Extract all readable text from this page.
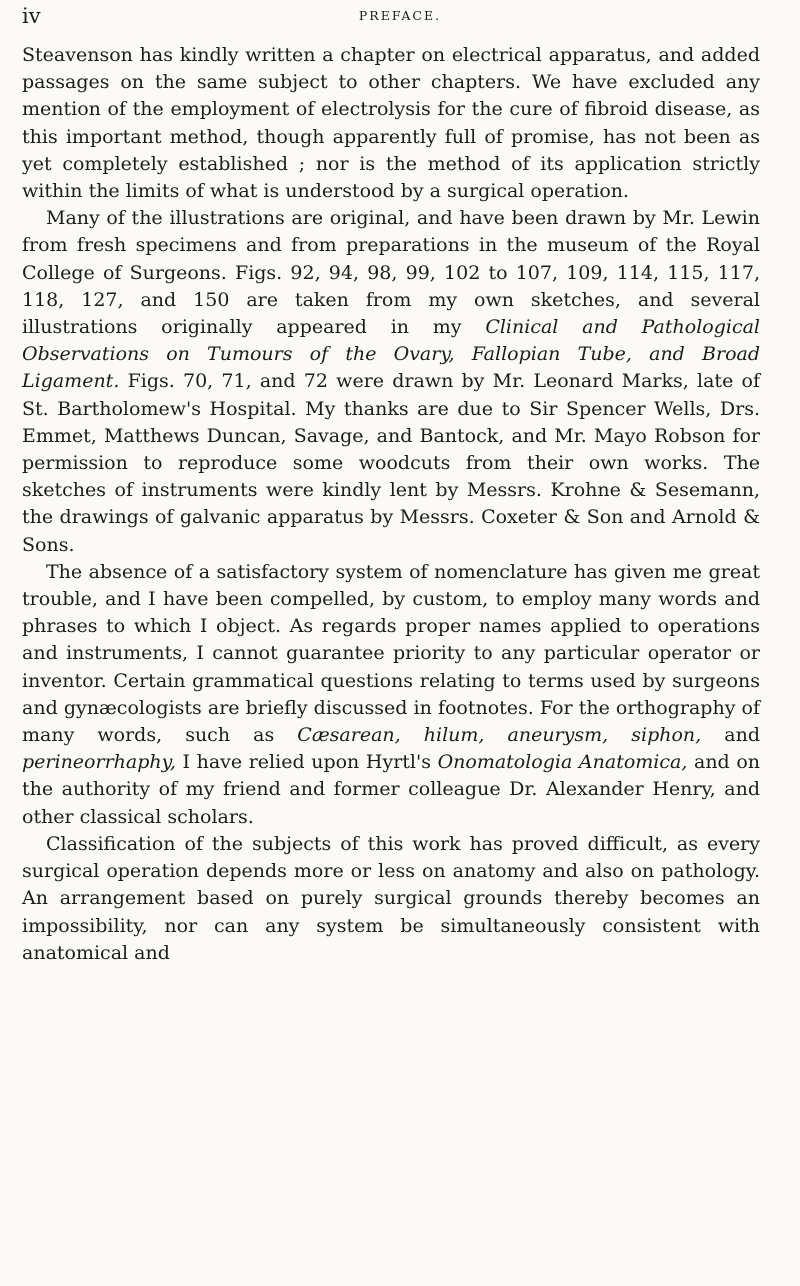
iv	PREFACE.

Steavenson has kindly written a chapter on electrical apparatus, and added passages on the same subject to other chapters. We have excluded any mention of the employment of electrolysis for the cure of fibroid disease, as this important method, though apparently full of promise, has not been as yet completely established ; nor is the method of its application strictly within the limits of what is understood by a surgical operation.

Many of the illustrations are original, and have been drawn by Mr. Lewin from fresh specimens and from preparations in the museum of the Royal College of Surgeons. Figs. 92, 94, 98, 99, 102 to 107, 109, 114, 115, 117, 118, 127, and 150 are taken from my own sketches, and several illustrations originally appeared in my Clinical and Pathological Observations on Tumours of the Ovary, Fallopian Tube, and Broad Ligament. Figs. 70, 71, and 72 were drawn by Mr. Leonard Marks, late of St. Bartholomew's Hospital. My thanks are due to Sir Spencer Wells, Drs. Emmet, Matthews Duncan, Savage, and Bantock, and Mr. Mayo Robson for permission to reproduce some woodcuts from their own works. The sketches of instruments were kindly lent by Messrs. Krohne & Sesemann, the drawings of galvanic apparatus by Messrs. Coxeter & Son and Arnold & Sons.

The absence of a satisfactory system of nomenclature has given me great trouble, and I have been compelled, by custom, to employ many words and phrases to which I object. As regards proper names applied to operations and instruments, I cannot guarantee priority to any particular operator or inventor. Certain grammatical questions relating to terms used by surgeons and gynæcologists are briefly discussed in footnotes. For the orthography of many words, such as Cæsarean, hilum, aneurysm, siphon, and perineorrhaphy, I have relied upon Hyrtl's Onomatologia Anatomica, and on the authority of my friend and former colleague Dr. Alexander Henry, and other classical scholars.

Classification of the subjects of this work has proved difficult, as every surgical operation depends more or less on anatomy and also on pathology. An arrangement based on purely surgical grounds thereby becomes an impossibility, nor can any system be simultaneously consistent with anatomical and
